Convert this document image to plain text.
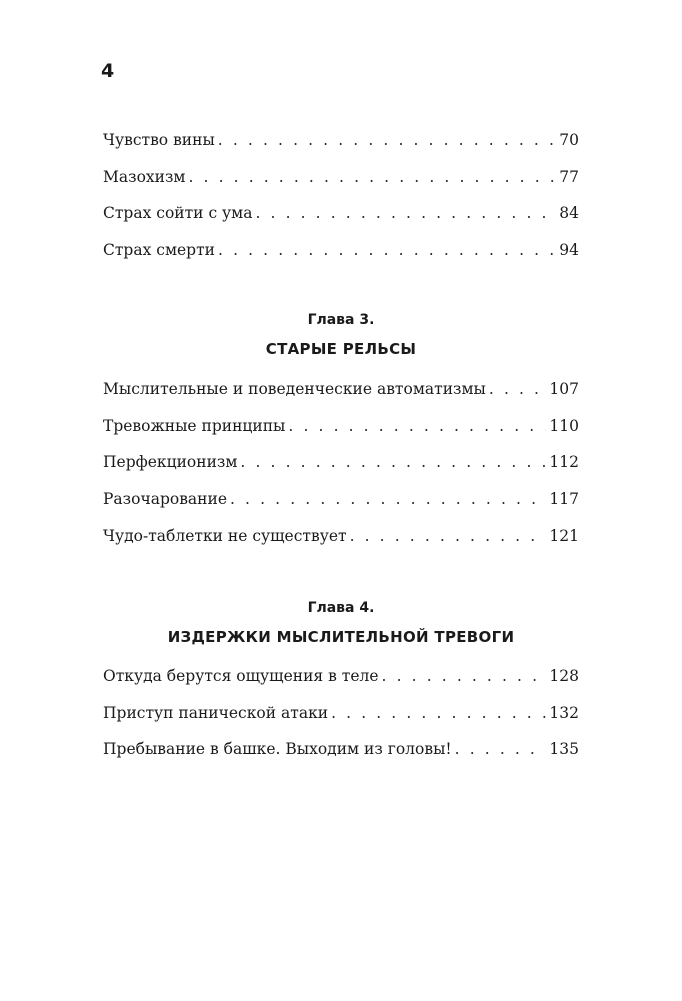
4
Чувство вины . . .	70
Мазохизм . . .	77
Страх сойти с ума . . .	84
Страх смерти . . .	94
Глава 3.
СТАРЫЕ РЕЛЬСЫ
Мыслительные и поведенческие автоматизмы . . .	107
Тревожные принципы . . .	110
Перфекционизм . . .	112
Разочарование . . .	117
Чудо-таблетки не существует . . .	121
Глава 4.
ИЗДЕРЖКИ МЫСЛИТЕЛЬНОЙ ТРЕВОГИ
Откуда берутся ощущения в теле . . .	128
Приступ панической атаки . . .	132
Пребывание в башке. Выходим из головы! . . .	135
